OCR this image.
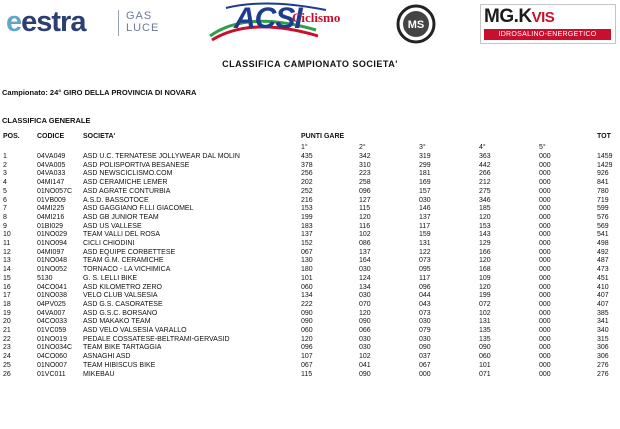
eestra	GAS
LUCE ACSI
Ciclismo	MS	MG.KVIS
IDROSALINO-ENERGETICO
CLASSIFICA CAMPIONATO SOCIETA'
Campionato: 24° GIRO DELLA PROVINCIA DI NOVARA
CLASSIFICA GENERALE
POS. CODICE	SOCIETA'	PUNTI GARE	TOT
1°	2°	3°	4°	5°
1	04VA049	ASD U.C. TERNATESE JOLLYWEAR DAL MOLIN	435	342	319	363	000	1459
2	04VA005	ASD POLISPORTIVA BESANESE	378	310	299	442	000	1429
3	04VA033	ASD NEWSCICLISMO.COM	256	223	181	266	000	926
4	04MI147	ASD CERAMICHE LEMER	202	258	169	212	000	841
5	01NO057C ASD AGRATE CONTURBIA	252	096	157	275	000	780
6	01VB009 A.S.D. BASSOTOCE	216	127	030	346	000	719
7	04MI225	ASD GAGGIANO F.LLI GIACOMEL	153	115	146	185	000	599
8	04MI216	ASD GB JUNIOR TEAM	199	120	137	120	000	576
9	01BI029	ASD US VALLESE	183	116	117	153	000	569
10	01NO029 TEAM VALLI DEL ROSA	137	102	159	143	000	541
11	01NO094 CICLI CHIODINI	152	086	131	129	000	498
12	04MI097	ASD EQUIPE CORBETTESE	067	137	122	166	000	492
13	01NO048 TEAM G.M. CERAMICHE	130	164	073	120	000	487
14	01NO052 TORNACO - LA VICHIMICA	180	030	095	168	000	473
15	5130	G. S. LELLI BIKE	101	124	117	109	000	451
16	04CO041 ASD KILOMETRO ZERO	060	134	096	120	000	410
17	01NO038 VELO CLUB VALSESIA	134	030	044	199	000	407
18	04PV025 ASD G.S. CASORATESE	222	070	043	072	000	407
19	04VA007	ASD G.S.C. BORSANO	090	120	073	102	000	385
20	04CO033 ASD MAKAKO TEAM	090	090	030	131	000	341
21	01VC059 ASD VELO VALSESIA VARALLO	060	066	079	135	000	340
22	01NO019 PEDALE COSSATESE-BELTRAMI-GERVASID	120	030	030	135	000	315
23	01NO034C TEAM BIKE TARTAGGIA	096	030	090	090	000	306
24	04CO060 ASNAGHI ASD	107	102	037	060	000	306
25	01NO007 TEAM HIBISCUS BIKE	067	041	067	101	000	276
26	01VC011 MIKEBAU	115	090	000	071	000	276
